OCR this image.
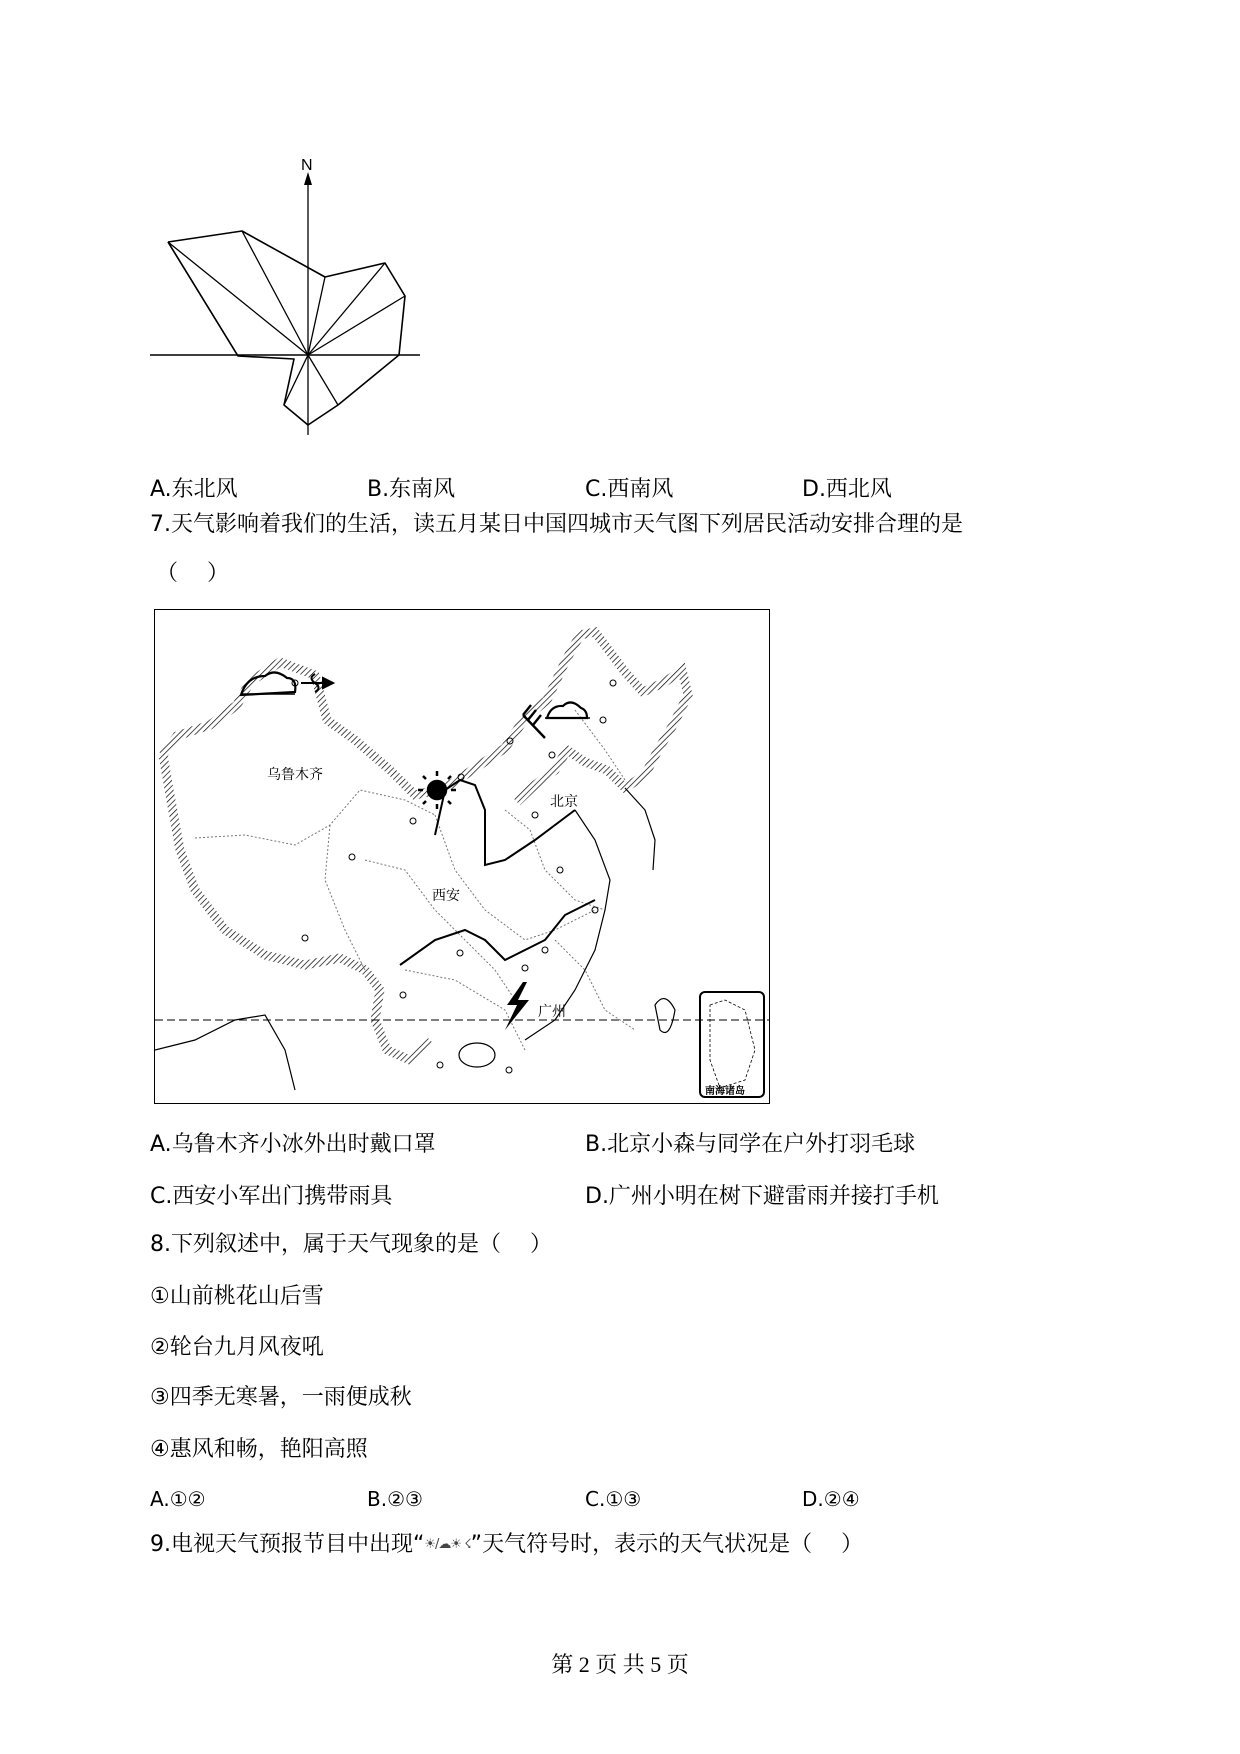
N
A.东北风	B.东南风	C.西南风	D.西北风
7.天气影响着我们的生活，读五月某日中国四城市天气图下列居民活动安排合理的是
（　 ）
乌鲁木齐
北京
西安
广州
南海诸岛
A.乌鲁木齐小冰外出时戴口罩	B.北京小森与同学在户外打羽毛球
C.西安小军出门携带雨具	D.广州小明在树下避雷雨并接打手机
8.下列叙述中，属于天气现象的是（　 ）
①山前桃花山后雪
②轮台九月风夜吼
③四季无寒暑，一雨便成秋
④惠风和畅，艳阳高照
A.①②	B.②③	C.①③	D.②④
9.电视天气预报节目中出现“☀/☁☀ ☇”天气符号时，表示的天气状况是（　 ）
第 2 页 共 5 页
